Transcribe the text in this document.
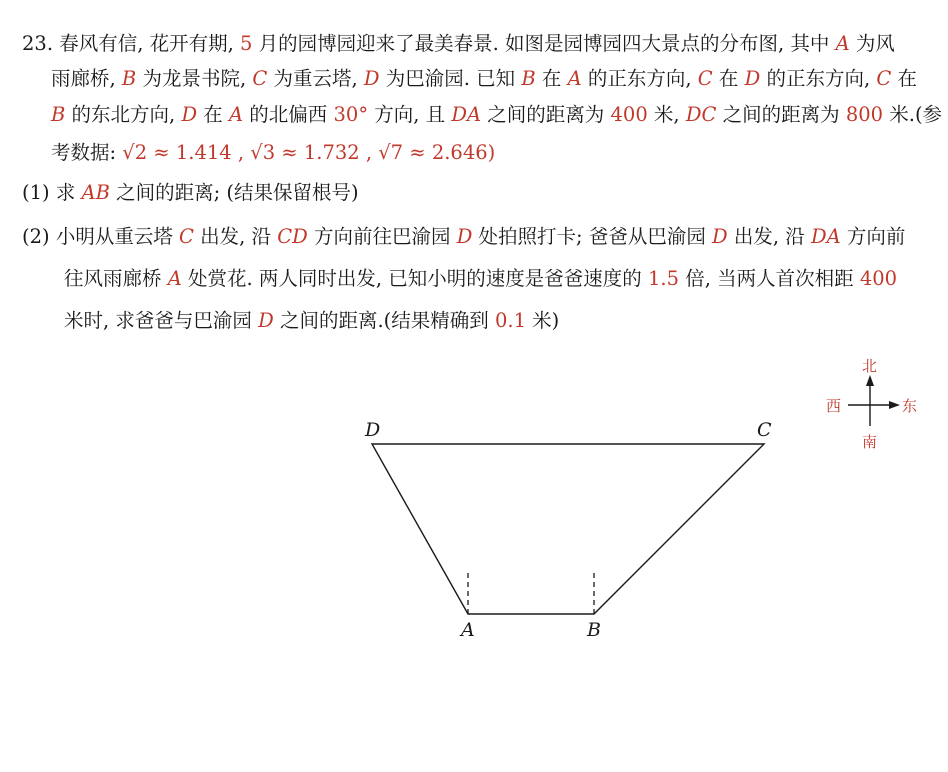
23. 春风有信, 花开有期, 5 月的园博园迎来了最美春景. 如图是园博园四大景点的分布图, 其中 A 为风
雨廊桥, B 为龙景书院, C 为重云塔, D 为巴渝园. 已知 B 在 A 的正东方向, C 在 D 的正东方向, C 在
B 的东北方向, D 在 A 的北偏西 30° 方向, 且 DA 之间的距离为 400 米, DC 之间的距离为 800 米.(参
考数据: √2 ≈ 1.414 , √3 ≈ 1.732 , √7 ≈ 2.646)
(1) 求 AB 之间的距离; (结果保留根号)
(2) 小明从重云塔 C 出发, 沿 CD 方向前往巴渝园 D 处拍照打卡; 爸爸从巴渝园 D 出发, 沿 DA 方向前
往风雨廊桥 A 处赏花. 两人同时出发, 已知小明的速度是爸爸速度的 1.5 倍, 当两人首次相距 400
米时, 求爸爸与巴渝园 D 之间的距离.(结果精确到 0.1 米)
D	C
A	B
北
南
西	东
